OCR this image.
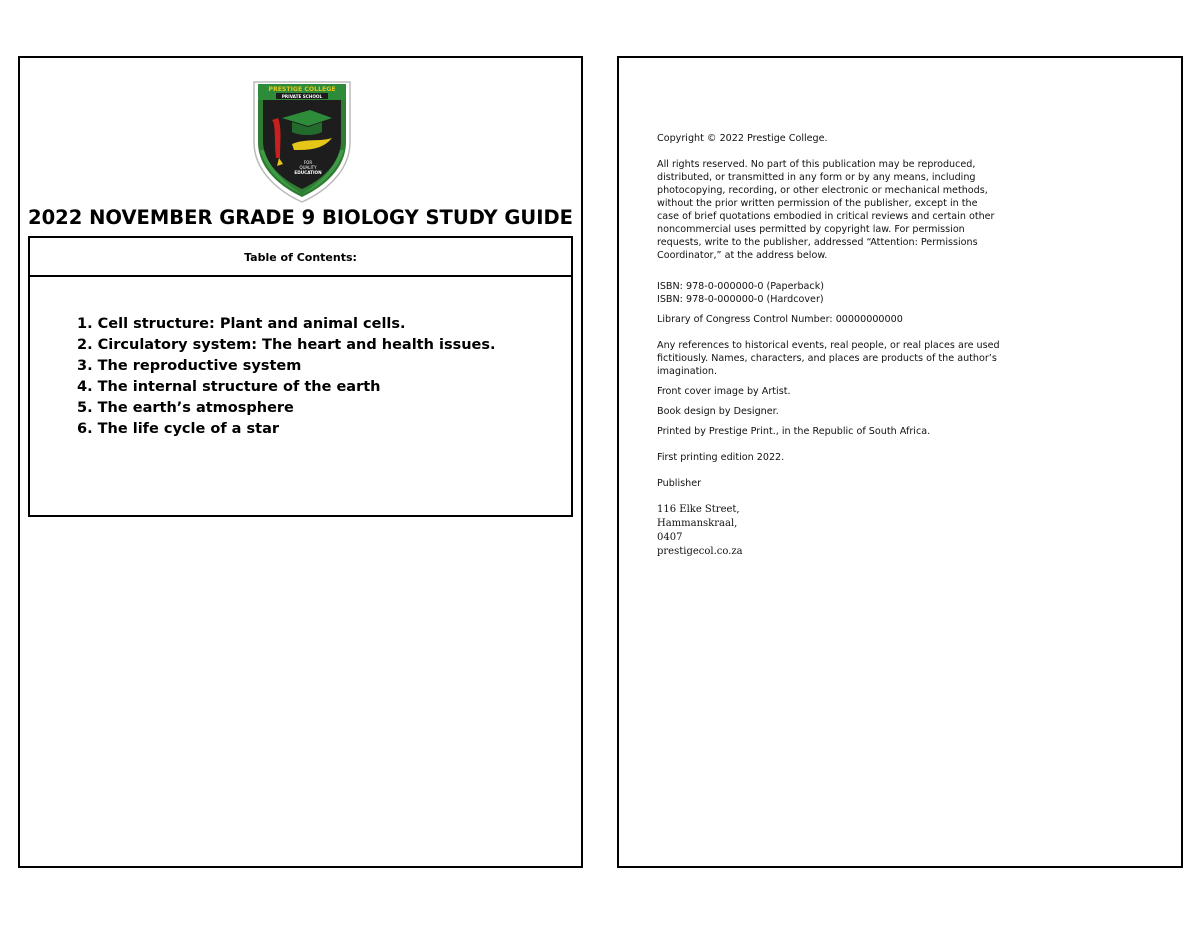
PRESTIGE COLLEGE
PRIVATE SCHOOL
FOR
QUALITY
EDUCATION
2022 NOVEMBER GRADE 9 BIOLOGY STUDY GUIDE
Table of Contents:
1. Cell structure: Plant and animal cells.
2. Circulatory system: The heart and health issues.
3. The reproductive system
4. The internal structure of the earth
5. The earth’s atmosphere
6. The life cycle of a star

Copyright © 2022 Prestige College.

All rights reserved. No part of this publication may be reproduced,

distributed, or transmitted in any form or by any means, including

photocopying, recording, or other electronic or mechanical methods,

without the prior written permission of the publisher, except in the

case of brief quotations embodied in critical reviews and certain other

noncommercial uses permitted by copyright law. For permission

requests, write to the publisher, addressed “Attention: Permissions

Coordinator,” at the address below.

ISBN: 978-0-000000-0 (Paperback)

ISBN: 978-0-000000-0 (Hardcover)

Library of Congress Control Number: 00000000000

Any references to historical events, real people, or real places are used

fictitiously. Names, characters, and places are products of the author’s

imagination.

Front cover image by Artist.

Book design by Designer.

Printed by Prestige Print., in the Republic of South Africa.

First printing edition 2022.

Publisher

116 Elke Street,

Hammanskraal,

0407

prestigecol.co.za
